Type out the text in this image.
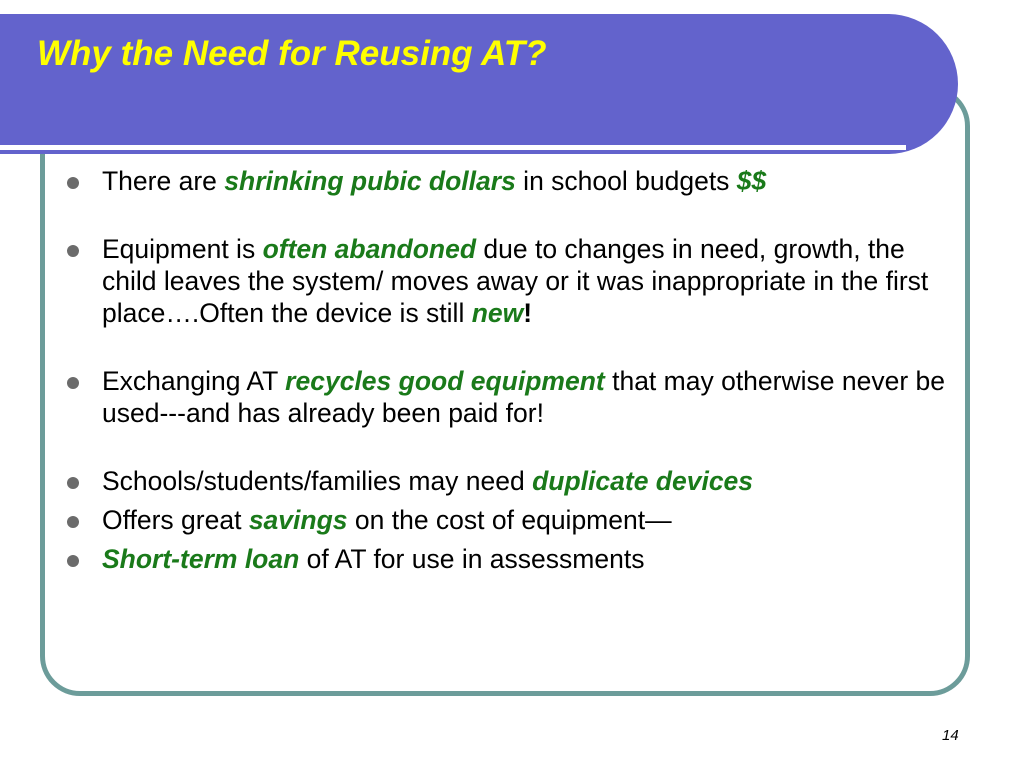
Why the Need for Reusing AT?
There are shrinking pubic dollars in school budgets $$
Equipment is often abandoned due to changes in need, growth, the child leaves the system/ moves away or it was inappropriate in the first place….Often the device is still new!
Exchanging AT recycles good equipment that may otherwise never be used---and has already been paid for!
Schools/students/families may need duplicate devices
Offers great savings on the cost of equipment—
Short-term loan of AT for use in assessments
14
